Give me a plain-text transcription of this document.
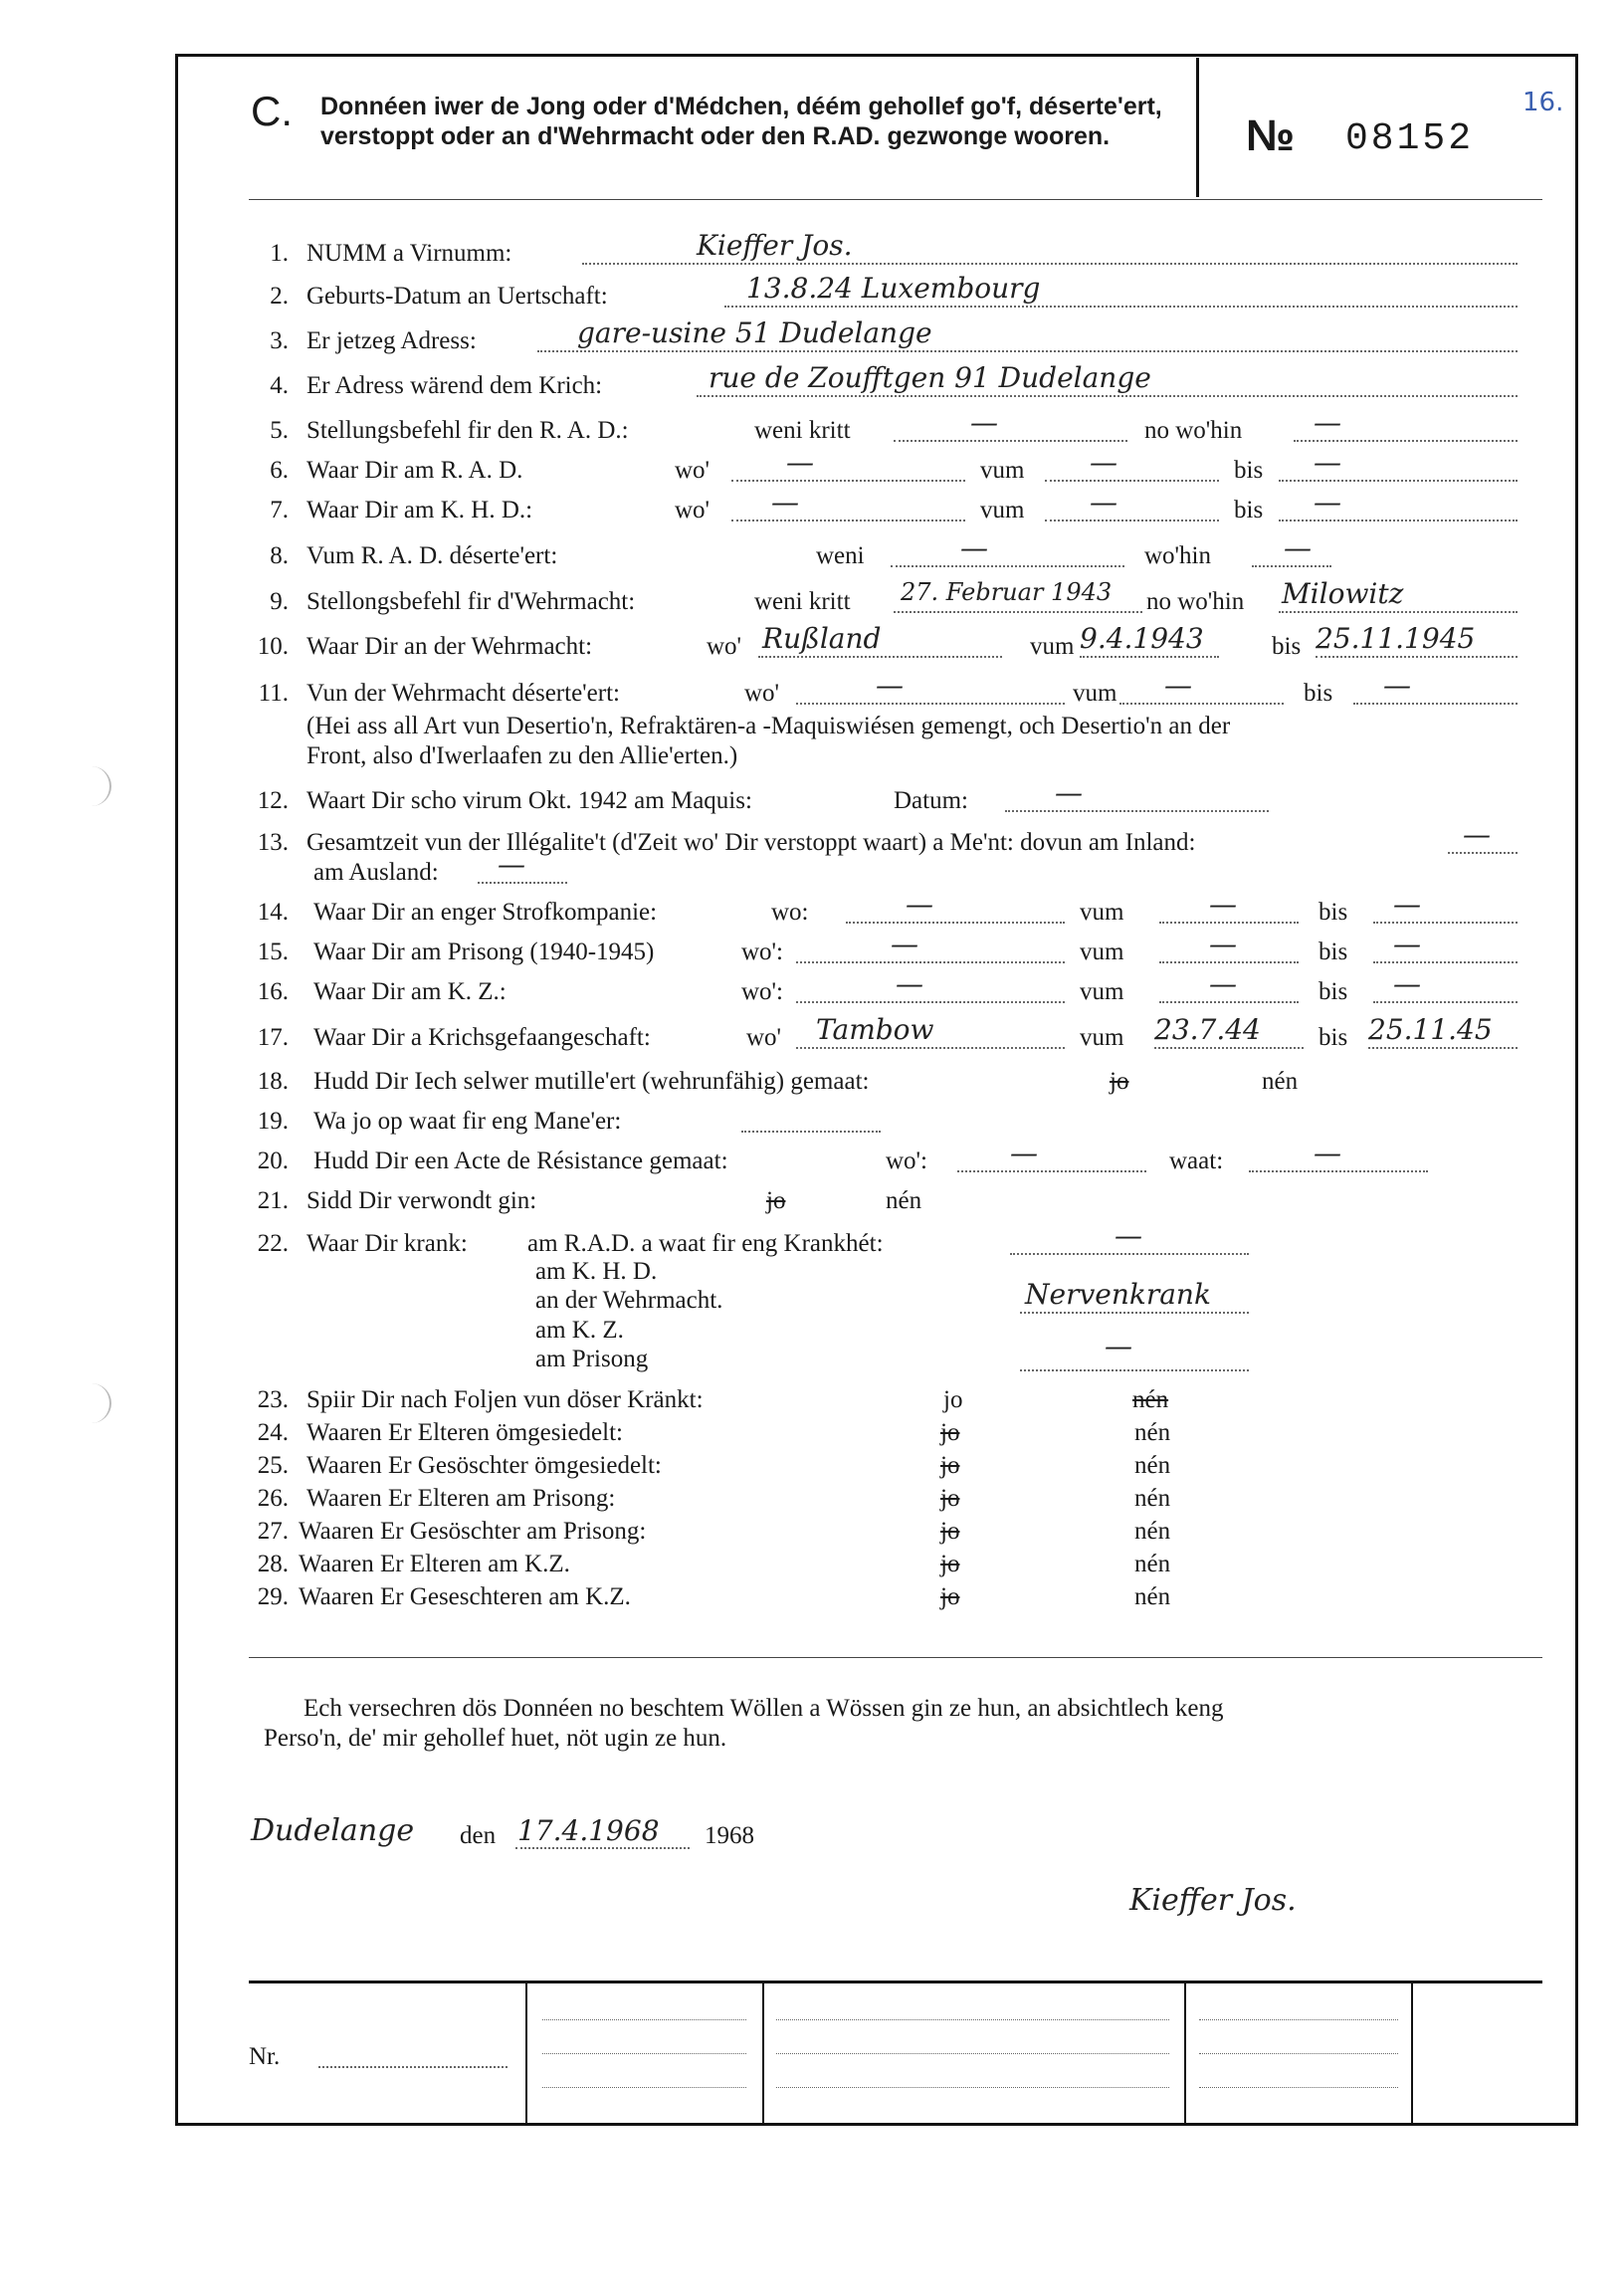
C. Donnéen iwer de Jong oder d'Médchen, déém gehollef go'f, déserte'ert, verstoppt oder an d'Wehrmacht oder den R.AD. gezwonge wooren.	№ 08152
16.
1. NUMM a Virnumm:	Kieffer Jos.
2. Geburts-Datum an Uertschaft:	13.8.24 Luxembourg
3. Er jetzeg Adress:	gare-usine 51 Dudelange
4. Er Adress wärend dem Krich:	rue de Zoufftgen 91 Dudelange
5. Stellungsbefehl fir den R. A. D.:	weni kritt	—	no wo'hin	—
6. Waar Dir am R. A. D.	wo'	—	vum —	bis —
7. Waar Dir am K. H. D.:	wo' —	vum —	bis —
8. Vum R. A. D. déserte'ert:	weni	—	wo'hin	—
9. Stellongsbefehl fir d'Wehrmacht:	weni kritt 27. Februar 1943 no wo'hin Milowitz
10. Waar Dir an der Wehrmacht:	wo' Rußland	vum 9.4.1943	bis 25.11.1945
11. Vun der Wehrmacht déserte'ert:	wo'	—	vum —	bis —
(Hei ass all Art vun Desertio'n, Refraktären-a -Maquiswiésen gemengt, och Desertio'n an der
Front, also d'Iwerlaafen zu den Allie'erten.)
12. Waart Dir scho virum Okt. 1942 am Maquis:	Datum:	—
13. Gesamtzeit vun der Illégalite't (d'Zeit wo' Dir verstoppt waart) a Me'nt: dovun am Inland:	—
am Ausland: —
14. Waar Dir an enger Strofkompanie:	wo:	—	vum	—	bis —
15. Waar Dir am Prisong (1940-1945)	wo':	—	vum	—	bis —
16. Waar Dir am K. Z.:	wo':	—	vum	—	bis —
17. Waar Dir a Krichsgefaangeschaft:	wo' Tambow	vum 23.7.44 bis 25.11.45
18. Hudd Dir Iech selwer mutille'ert (wehrunfähig) gemaat:	jo	nén
19. Wa jo op waat fir eng Mane'er:
20. Hudd Dir een Acte de Résistance gemaat:	wo':	—	waat:	—
21. Sidd Dir verwondt gin:	jo	nén
22. Waar Dir krank: am R.A.D. a waat fir eng Krankhét:	—
am K. H. D.
an der Wehrmacht.	Nervenkrank
am K. Z.
am Prisong	—
23. Spiir Dir nach Foljen vun döser Kränkt:	jo	nén
24. Waaren Er Elteren ömgesiedelt:	jo	nén
25. Waaren Er Gesöschter ömgesiedelt:	jo	nén
26. Waaren Er Elteren am Prisong:	jo	nén
27. Waaren Er Gesöschter am Prisong:	jo	nén
28. Waaren Er Elteren am K.Z.	jo	nén
29. Waaren Er Geseschteren am K.Z.	jo	nén
Ech versechren dös Donnéen no beschtem Wöllen a Wössen gin ze hun, an absichtlech keng
Perso'n, de' mir gehollef huet, nöt ugin ze hun.
Dudelange den 17.4.1968 1968
Kieffer Jos.
Nr.
